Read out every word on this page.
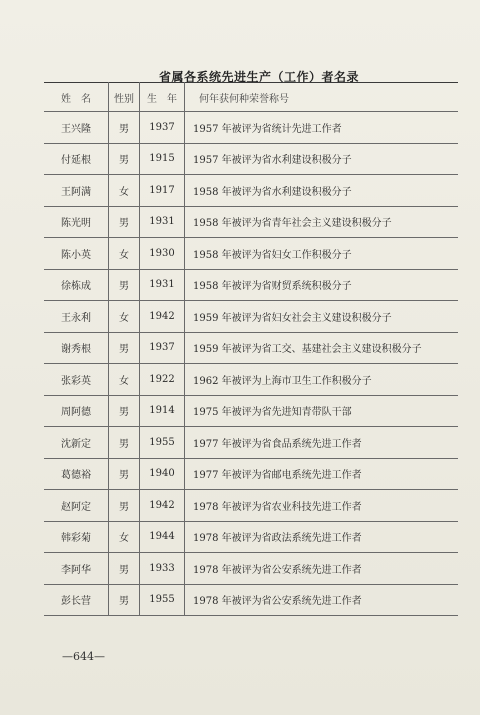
省属各系统先进生产（工作）者名录
姓　名	性别	生　年	何年获何种荣誉称号
王兴隆	男	1937	1957 年被评为省统计先进工作者
付延根	男	1915	1957 年被评为省水利建设积极分子
王阿满	女	1917	1958 年被评为省水利建设积极分子
陈光明	男	1931	1958 年被评为省青年社会主义建设积极分子
陈小英	女	1930	1958 年被评为省妇女工作积极分子
徐栋成	男	1931	1958 年被评为省财贸系统积极分子
王永利	女	1942	1959 年被评为省妇女社会主义建设积极分子
谢秀根	男	1937	1959 年被评为省工交、基建社会主义建设积极分子
张彩英	女	1922	1962 年被评为上海市卫生工作积极分子
周阿德	男	1914	1975 年被评为省先进知青带队干部
沈新定	男	1955	1977 年被评为省食品系统先进工作者
葛德裕	男	1940	1977 年被评为省邮电系统先进工作者
赵阿定	男	1942	1978 年被评为省农业科技先进工作者
韩彩菊	女	1944	1978 年被评为省政法系统先进工作者
李阿华	男	1933	1978 年被评为省公安系统先进工作者
彭长营	男	1955	1978 年被评为省公安系统先进工作者
—644—
